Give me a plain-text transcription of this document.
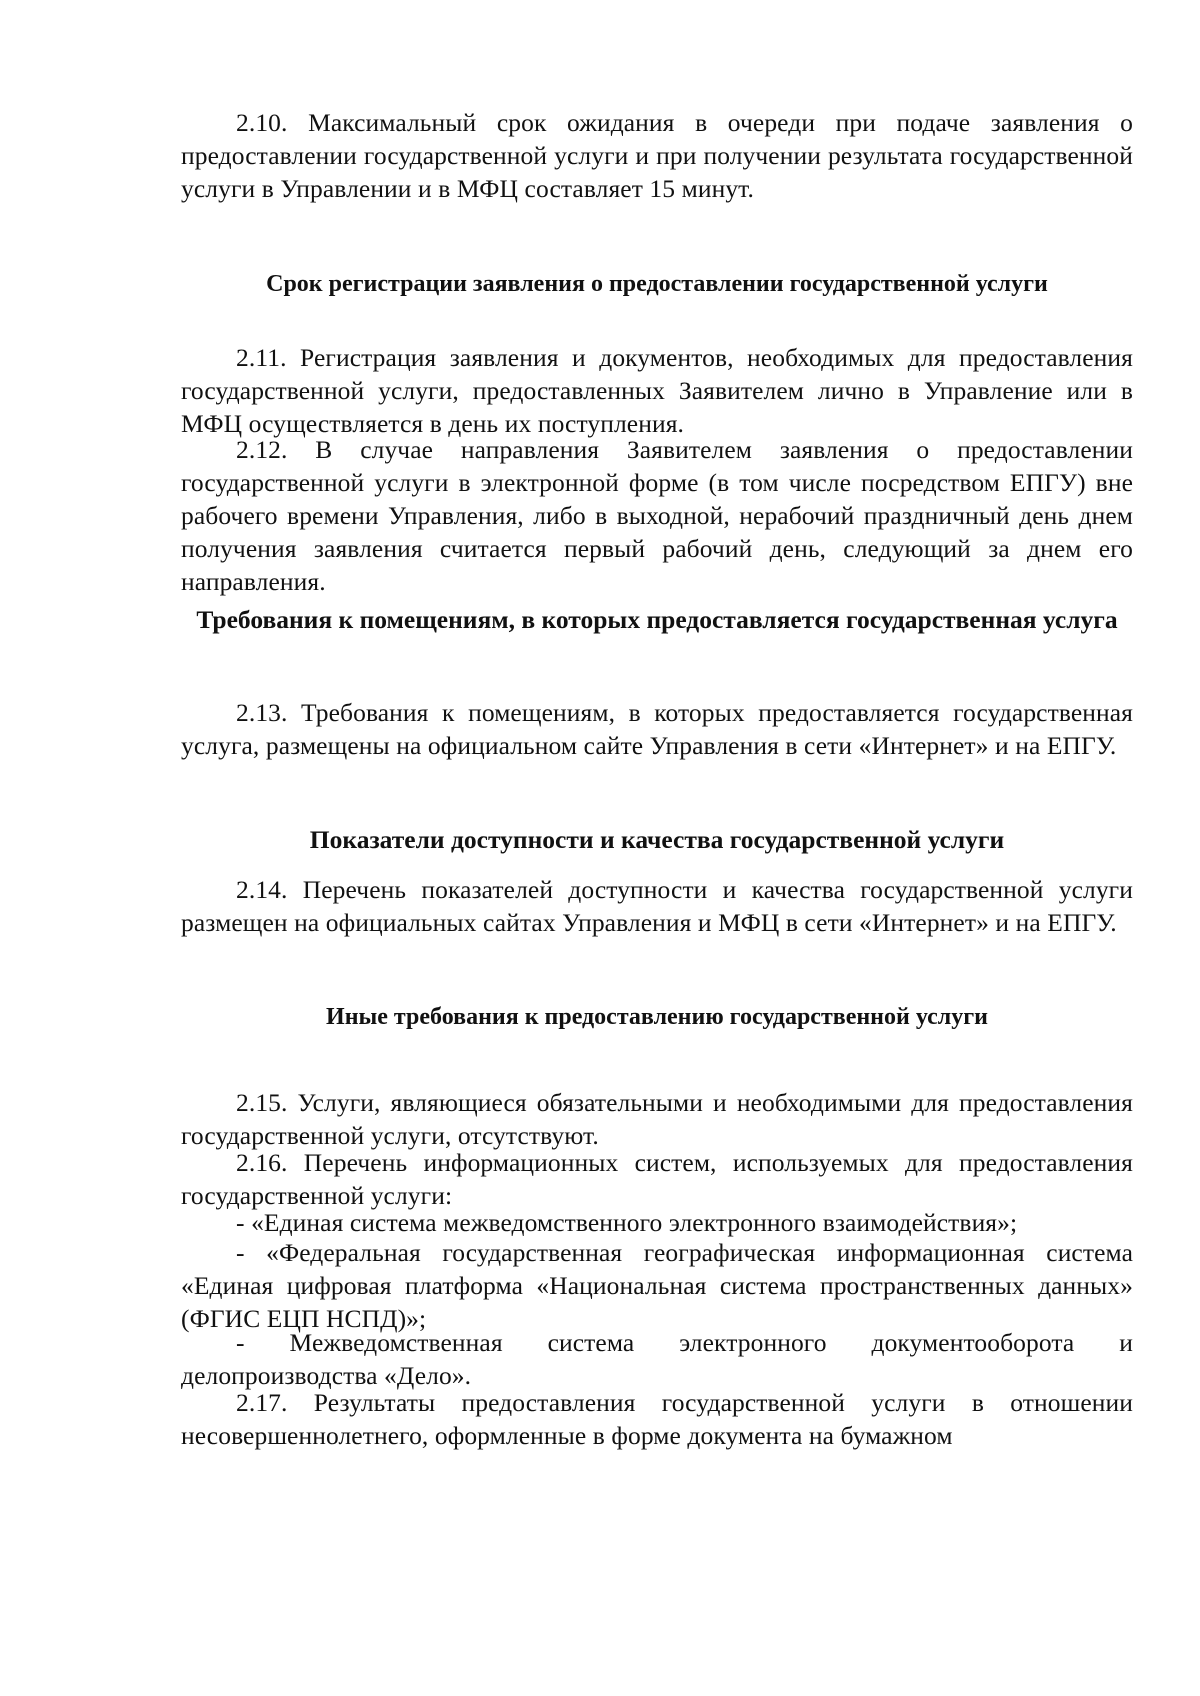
2.10. Максимальный срок ожидания в очереди при подаче заявления о предоставлении государственной услуги и при получении результата государственной услуги в Управлении и в МФЦ составляет 15 минут.

Срок регистрации заявления о предоставлении государственной услуги

2.11. Регистрация заявления и документов, необходимых для предоставления государственной услуги, предоставленных Заявителем лично в Управление или в МФЦ осуществляется в день их поступления.

2.12. В случае направления Заявителем заявления о предоставлении государственной услуги в электронной форме (в том числе посредством ЕПГУ) вне рабочего времени Управления, либо в выходной, нерабочий праздничный день днем получения заявления считается первый рабочий день, следующий за днем его направления.

Требования к помещениям, в которых предоставляется государственная услуга

2.13. Требования к помещениям, в которых предоставляется государственная услуга, размещены на официальном сайте Управления в сети «Интернет» и на ЕПГУ.

Показатели доступности и качества государственной услуги

2.14. Перечень показателей доступности и качества государственной услуги размещен на официальных сайтах Управления и МФЦ в сети «Интернет» и на ЕПГУ.

Иные требования к предоставлению государственной услуги

2.15. Услуги, являющиеся обязательными и необходимыми для предоставления государственной услуги, отсутствуют.

2.16. Перечень информационных систем, используемых для предоставления государственной услуги:

- «Единая система межведомственного электронного взаимодействия»;

- «Федеральная государственная географическая информационная система «Единая цифровая платформа «Национальная система пространственных данных» (ФГИС ЕЦП НСПД)»;

- Межведомственная система электронного документооборота и делопроизводства «Дело».

2.17. Результаты предоставления государственной услуги в отношении несовершеннолетнего, оформленные в форме документа на бумажном
